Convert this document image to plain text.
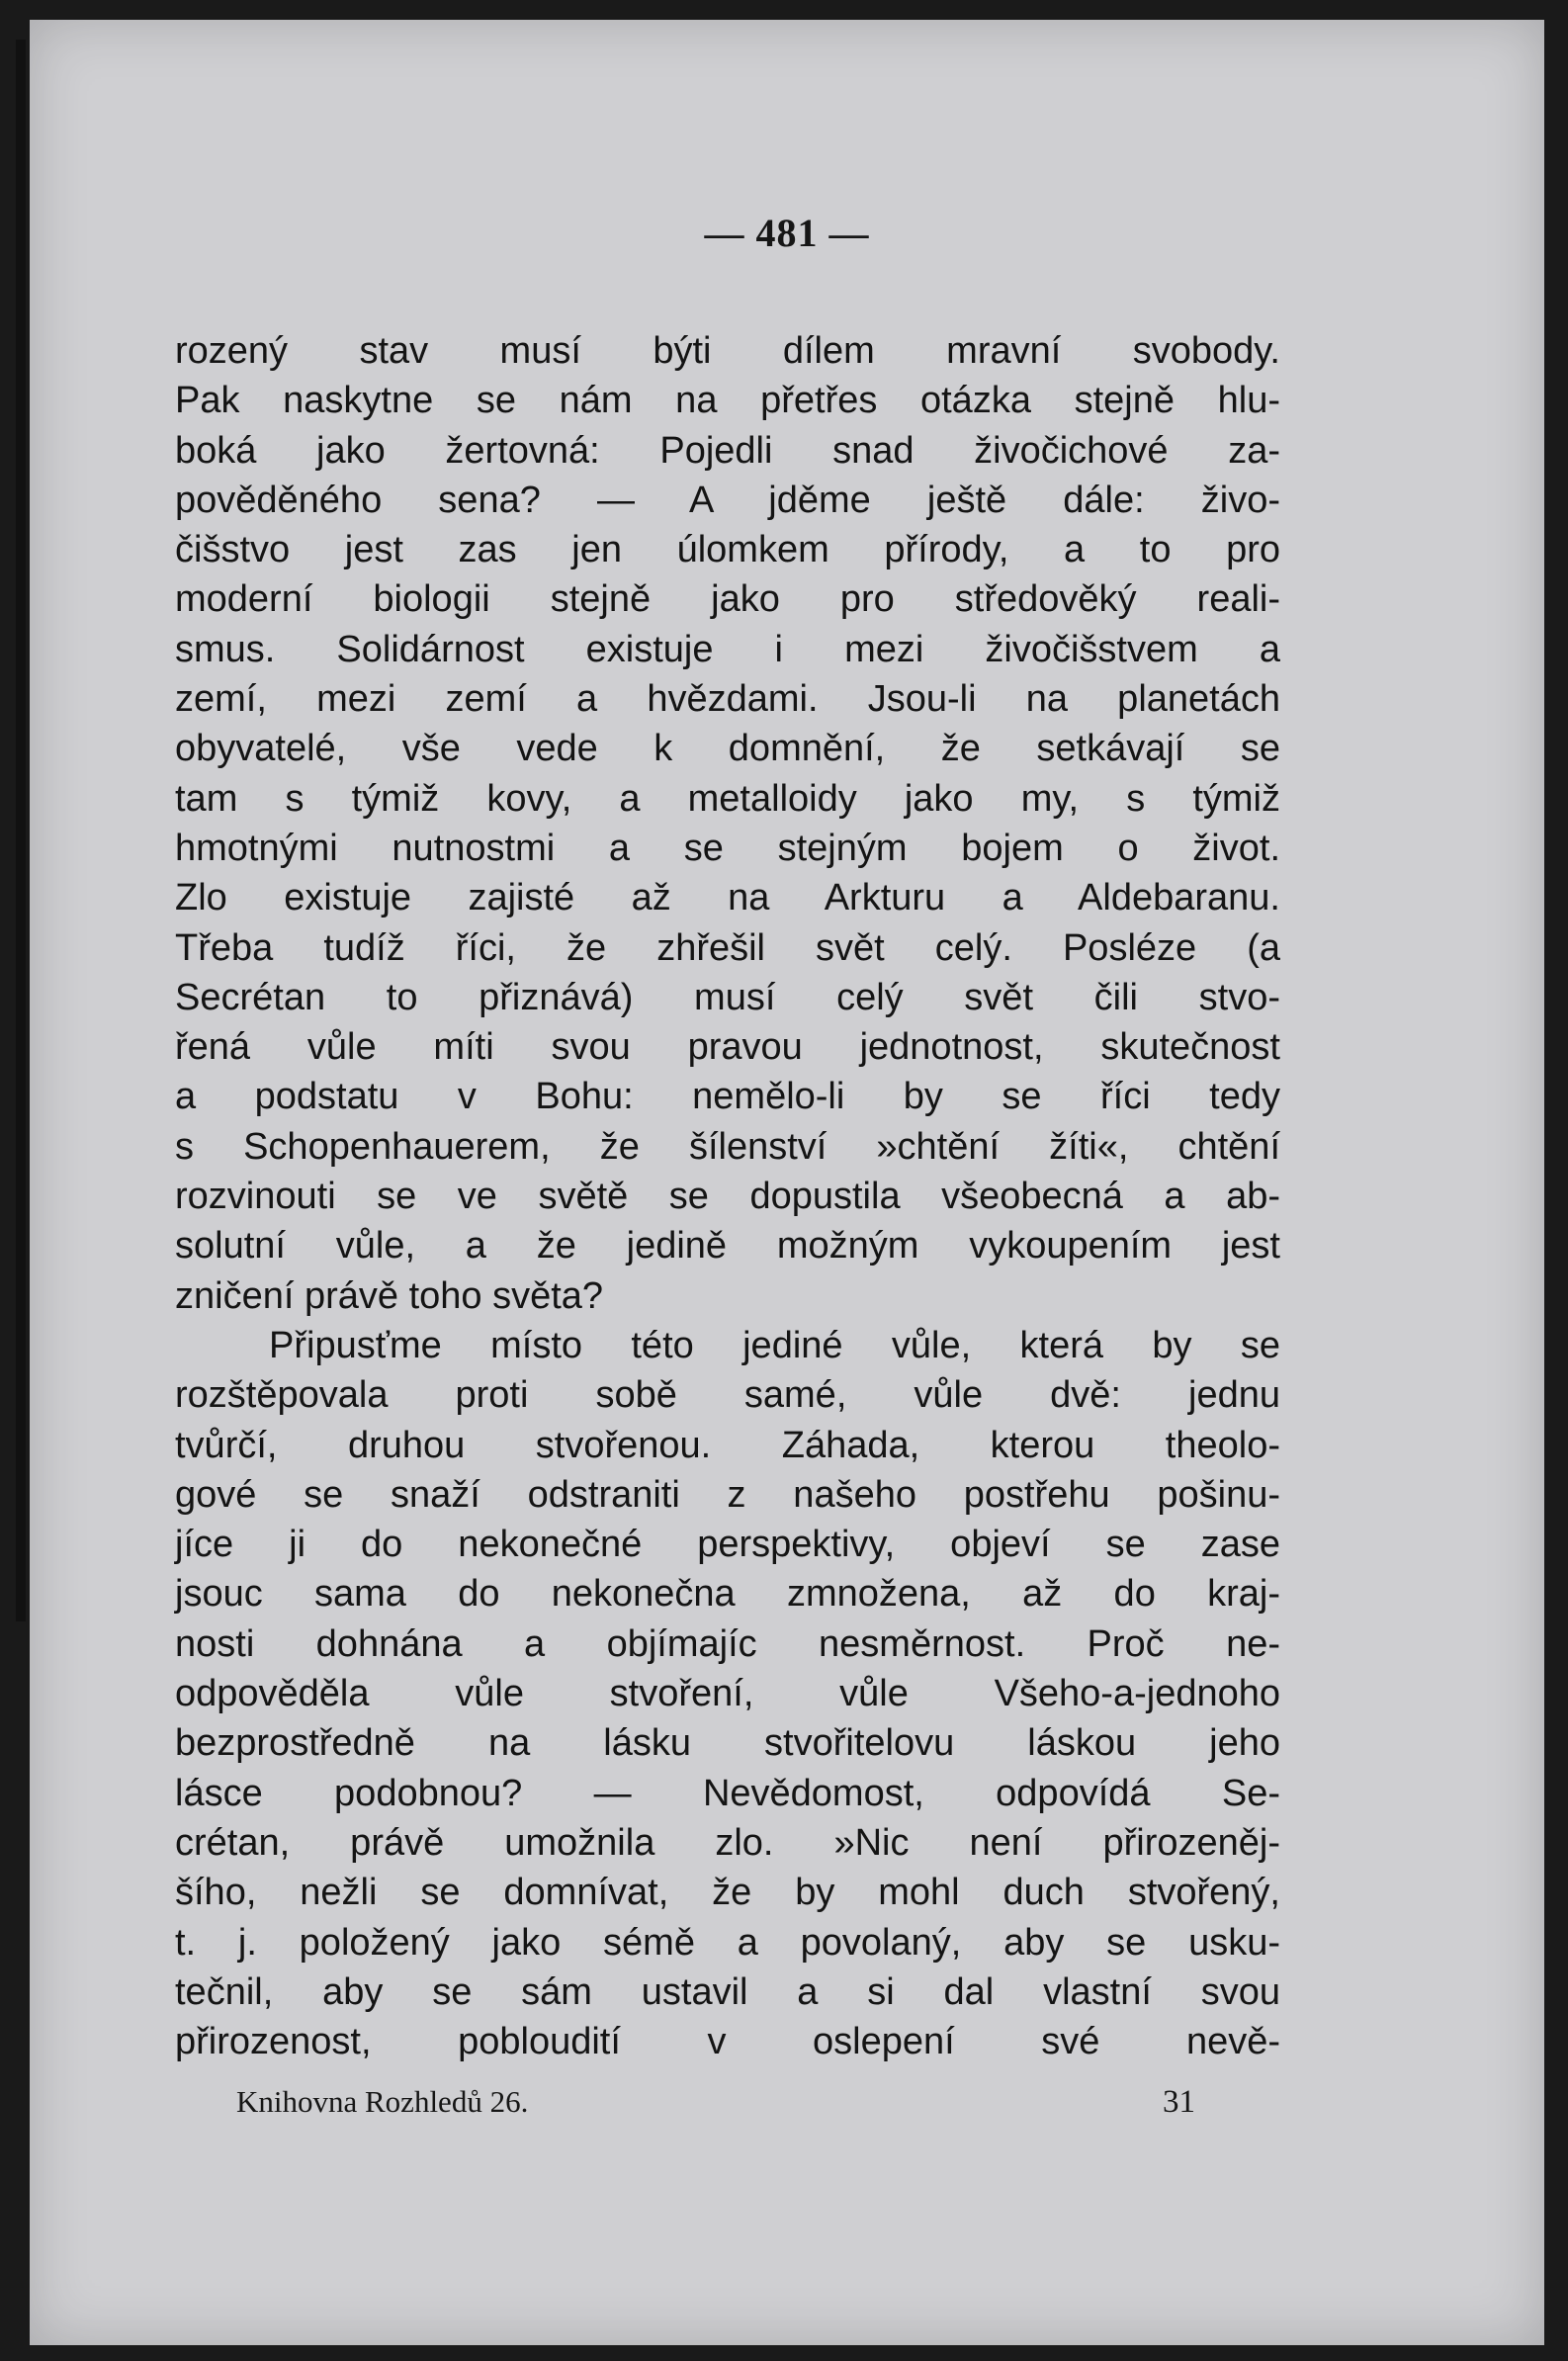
— 481 —
rozený stav musí býti dílem mravní svobody.
Pak naskytne se nám na přetřes otázka stejně hlu-
boká jako žertovná: Pojedli snad živočichové za-
pověděného sena? — A jděme ještě dále: živo-
čišstvo jest zas jen úlomkem přírody, a to pro
moderní biologii stejně jako pro středověký reali-
smus. Solidárnost existuje i mezi živočišstvem a
zemí, mezi zemí a hvězdami. Jsou-li na planetách
obyvatelé, vše vede k domnění, že setkávají se
tam s týmiž kovy, a metalloidy jako my, s týmiž
hmotnými nutnostmi a se stejným bojem o život.
Zlo existuje zajisté až na Arkturu a Aldebaranu.
Třeba tudíž říci, že zhřešil svět celý. Posléze (a
Secrétan to přiznává) musí celý svět čili stvo-
řená vůle míti svou pravou jednotnost, skutečnost
a podstatu v Bohu: nemělo-li by se říci tedy
s Schopenhauerem, že šílenství »chtění žíti«, chtění
rozvinouti se ve světě se dopustila všeobecná a ab-
solutní vůle, a že jedině možným vykoupením jest
zničení právě toho světa?
Připusťme místo této jediné vůle, která by se
rozštěpovala proti sobě samé, vůle dvě: jednu
tvůrčí, druhou stvořenou. Záhada, kterou theolo-
gové se snaží odstraniti z našeho postřehu pošinu-
jíce ji do nekonečné perspektivy, objeví se zase
jsouc sama do nekonečna zmnožena, až do kraj-
nosti dohnána a objímajíc nesměrnost. Proč ne-
odpověděla vůle stvoření, vůle Všeho-a-jednoho
bezprostředně na lásku stvořitelovu láskou jeho
lásce podobnou? — Nevědomost, odpovídá Se-
crétan, právě umožnila zlo. »Nic není přirozeněj-
šího, nežli se domnívat, že by mohl duch stvořený,
t. j. položený jako sémě a povolaný, aby se usku-
tečnil, aby se sám ustavil a si dal vlastní svou
přirozenost, pobloudití v oslepení své nevě-
Knihovna Rozhledů 26.	31
